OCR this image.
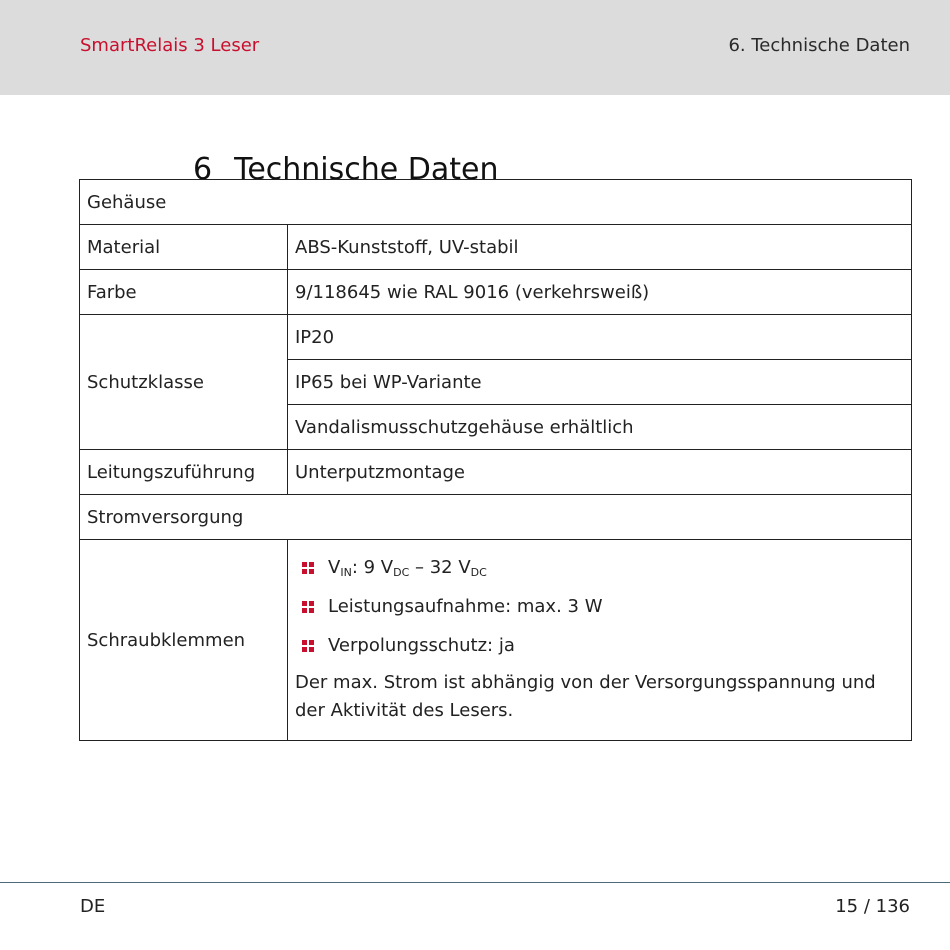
SmartRelais 3 Leser	6. Technische Daten
6 Technische Daten
Gehäuse	
Material	ABS-Kunststoff, UV-stabil
Farbe	9/118645 wie RAL 9016 (verkehrsweiß)
Schutzklasse	IP20
	IP65 bei WP-Variante
	Vandalismusschutzgehäuse erhältlich
Leitungszuführung	Unterputzmontage
Stromversorgung	
Schraubklemmen	$V_{IN}$: 9 $V_{DC} - 32$ $V_{DC}$
Leistungsaufnahme: max. 3 W
Verpolungsschutz: ja
Der max. Strom ist abhängig von der Versorgungsspannung und der Aktivität des Lesers.
DE	15 / 136
